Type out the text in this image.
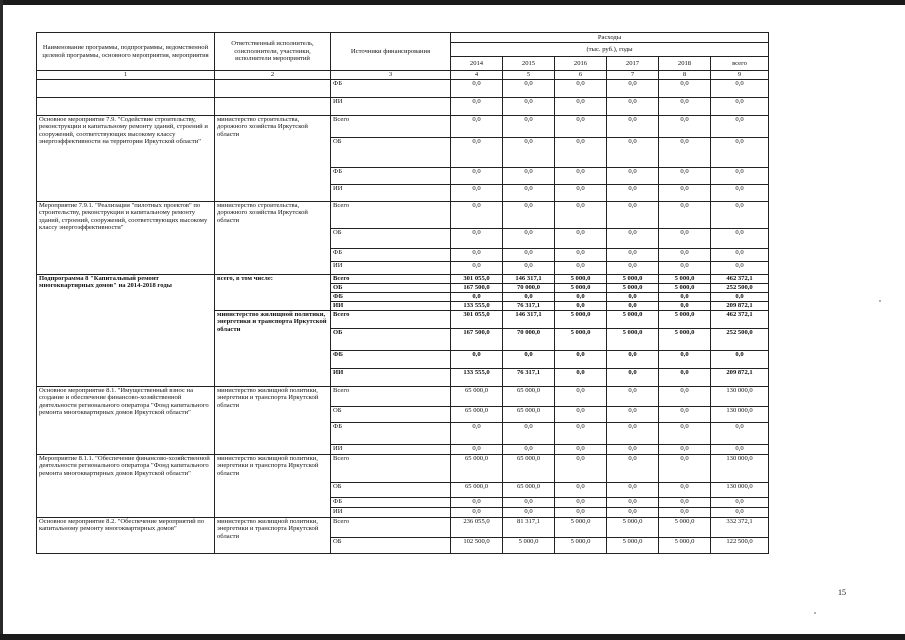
Наименование программы, подпрограммы, ведомственной целевой программы, основного мероприятия, мероприятия	Ответственный исполнитель, соисполнители, участники, исполнители мероприятий	Источники финансирования	Расходы					
			(тыс. руб.), годы					
			2014	2015	2016	2017	2018	всего
1	2	3	4	5	6	7	8	9
		ФБ	0,0	0,0	0,0	0,0	0,0	0,0
		ИИ	0,0	0,0	0,0	0,0	0,0	0,0
Основное мероприятие 7.9. "Содействие строительству, реконструкции и капитальному ремонту зданий, строений и сооружений, соответствующих высокому классу энергоэффективности на территории Иркутской области"	министерство строительства, дорожного хозяйства Иркутской области	Всего	0,0	0,0	0,0	0,0	0,0	0,0
		ОБ	0,0	0,0	0,0	0,0	0,0	0,0
		ФБ	0,0	0,0	0,0	0,0	0,0	0,0
		ИИ	0,0	0,0	0,0	0,0	0,0	0,0
Мероприятие 7.9.1. "Реализация "пилотных проектов" по строительству, реконструкции и капитальному ремонту зданий, строений, сооружений, соответствующих высокому классу энергоэффективности"	министерство строительства, дорожного хозяйства Иркутской области	Всего	0,0	0,0	0,0	0,0	0,0	0,0
		ОБ	0,0	0,0	0,0	0,0	0,0	0,0
		ФБ	0,0	0,0	0,0	0,0	0,0	0,0
		ИИ	0,0	0,0	0,0	0,0	0,0	0,0
Подпрограмма 8 "Капитальный ремонт многоквартирных домов" на 2014-2018 годы	всего, в том числе:	Всего	301 055,0	146 317,1	5 000,0	5 000,0	5 000,0	462 372,1
		ОБ	167 500,0	70 000,0	5 000,0	5 000,0	5 000,0	252 500,0
		ФБ	0,0	0,0	0,0	0,0	0,0	0,0
		ИИ	133 555,0	76 317,1	0,0	0,0	0,0	209 872,1
	министерство жилищной политики, энергетики и транспорта Иркутской области	Всего	301 055,0	146 317,1	5 000,0	5 000,0	5 000,0	462 372,1
		ОБ	167 500,0	70 000,0	5 000,0	5 000,0	5 000,0	252 500,0
		ФБ	0,0	0,0	0,0	0,0	0,0	0,0
		ИИ	133 555,0	76 317,1	0,0	0,0	0,0	209 872,1
Основное мероприятие 8.1. "Имущественный взнос на создание и обеспечение финансово-хозяйственной деятельности регионального оператора "Фонд капитального ремонта многоквартирных домов Иркутской области"	министерство жилищной политики, энергетики и транспорта Иркутской области	Всего	65 000,0	65 000,0	0,0	0,0	0,0	130 000,0
		ОБ	65 000,0	65 000,0	0,0	0,0	0,0	130 000,0
		ФБ	0,0	0,0	0,0	0,0	0,0	0,0
		ИИ	0,0	0,0	0,0	0,0	0,0	0,0
Мероприятие 8.1.1. "Обеспечение финансово-хозяйственной деятельности регионального оператора "Фонд капитального ремонта многоквартирных домов Иркутской области"	министерство жилищной политики, энергетики и транспорта Иркутской области	Всего	65 000,0	65 000,0	0,0	0,0	0,0	130 000,0
		ОБ	65 000,0	65 000,0	0,0	0,0	0,0	130 000,0
		ФБ	0,0	0,0	0,0	0,0	0,0	0,0
		ИИ	0,0	0,0	0,0	0,0	0,0	0,0
Основное мероприятие 8.2. "Обеспечение мероприятий по капитальному ремонту многоквартирных домов"	министерство жилищной политики, энергетики и транспорта Иркутской области	Всего	236 055,0	81 317,1	5 000,0	5 000,0	5 000,0	332 372,1
		ОБ	102 500,0	5 000,0	5 000,0	5 000,0	5 000,0	122 500,0
15
